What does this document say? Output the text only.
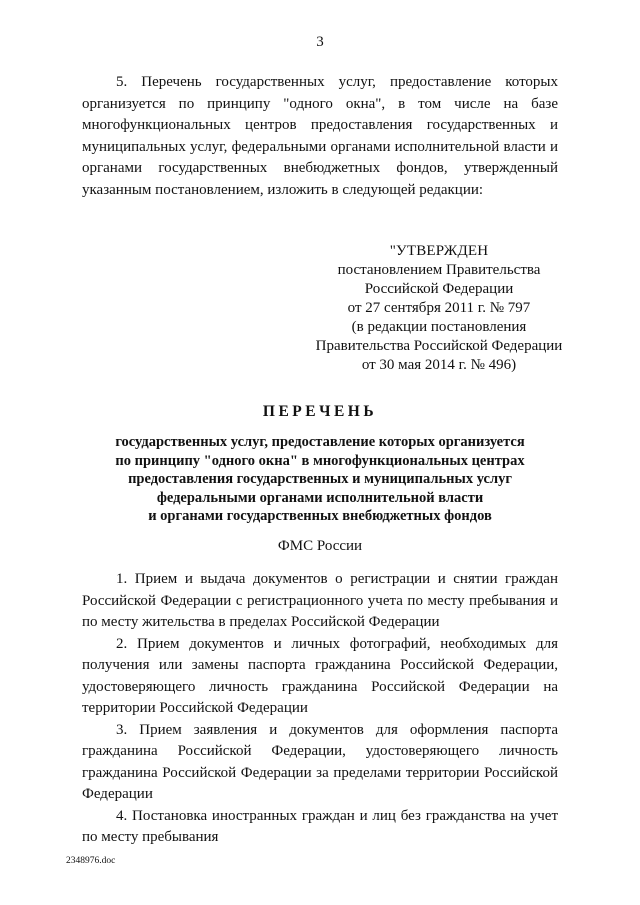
3

5. Перечень государственных услуг, предоставление которых организуется по принципу "одного окна", в том числе на базе многофункциональных центров предоставления государственных и муниципальных услуг, федеральными органами исполнительной власти и органами государственных внебюджетных фондов, утвержденный указанным постановлением, изложить в следующей редакции:

"УТВЕРЖДЕН
постановлением Правительства
Российской Федерации
от 27 сентября 2011 г. № 797
(в редакции постановления
Правительства Российской Федерации
от 30 мая 2014 г. № 496)
ПЕРЕЧЕНЬ
государственных услуг, предоставление которых организуется
по принципу "одного окна" в многофункциональных центрах
предоставления государственных и муниципальных услуг
федеральными органами исполнительной власти
и органами государственных внебюджетных фондов
ФМС России

1. Прием и выдача документов о регистрации и снятии граждан Российской Федерации с регистрационного учета по месту пребывания и по месту жительства в пределах Российской Федерации

2. Прием документов и личных фотографий, необходимых для получения или замены паспорта гражданина Российской Федерации, удостоверяющего личность гражданина Российской Федерации на территории Российской Федерации

3. Прием заявления и документов для оформления паспорта гражданина Российской Федерации, удостоверяющего личность гражданина Российской Федерации за пределами территории Российской Федерации

4. Постановка иностранных граждан и лиц без гражданства на учет по месту пребывания

2348976.doc
